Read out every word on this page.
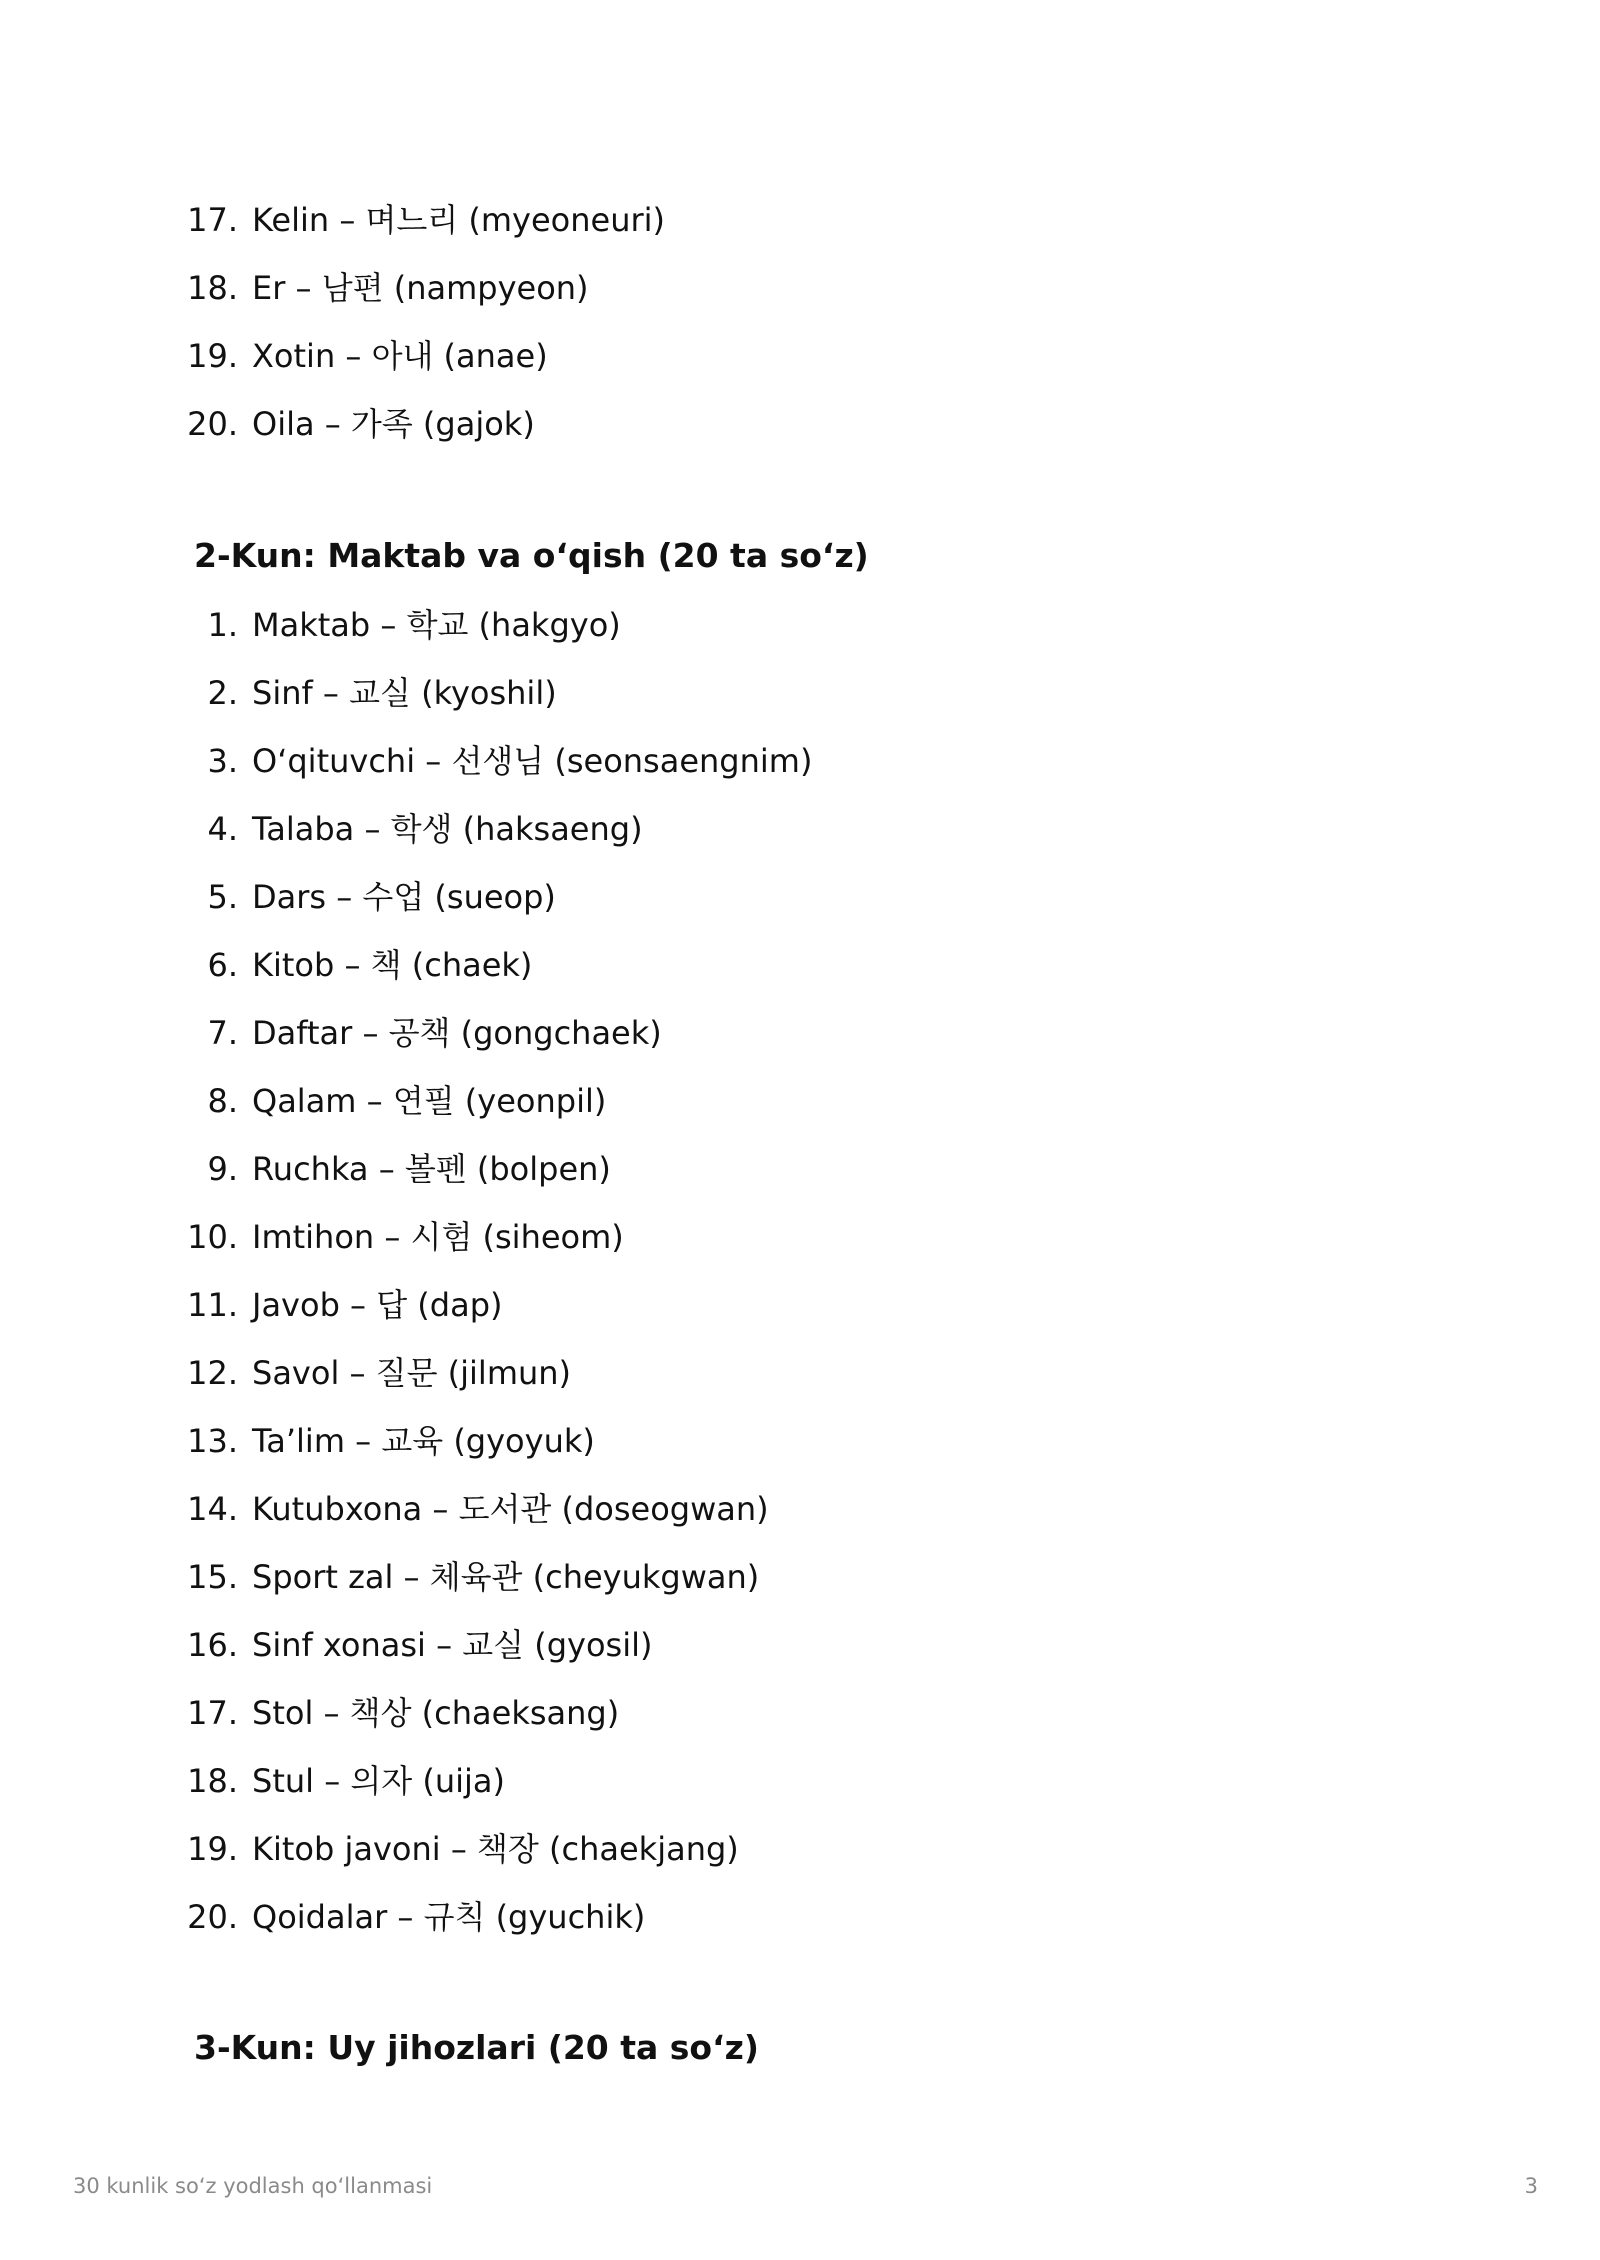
17. Kelin – 며느리 (myeoneuri)
18. Er – 남편 (nampyeon)
19. Xotin – 아내 (anae)
20. Oila – 가족 (gajok)
2-Kun: Maktab va o‘qish (20 ta so‘z)
1. Maktab – 학교 (hakgyo)
2. Sinf – 교실 (kyoshil)
3. O‘qituvchi – 선생님 (seonsaengnim)
4. Talaba – 학생 (haksaeng)
5. Dars – 수업 (sueop)
6. Kitob – 책 (chaek)
7. Daftar – 공책 (gongchaek)
8. Qalam – 연필 (yeonpil)
9. Ruchka – 볼펜 (bolpen)
10. Imtihon – 시험 (siheom)
11. Javob – 답 (dap)
12. Savol – 질문 (jilmun)
13. Ta’lim – 교육 (gyoyuk)
14. Kutubxona – 도서관 (doseogwan)
15. Sport zal – 체육관 (cheyukgwan)
16. Sinf xonasi – 교실 (gyosil)
17. Stol – 책상 (chaeksang)
18. Stul – 의자 (uija)
19. Kitob javoni – 책장 (chaekjang)
20. Qoidalar – 규칙 (gyuchik)
3-Kun: Uy jihozlari (20 ta so‘z)
30 kunlik so‘z yodlash qo‘llanmasi	3
